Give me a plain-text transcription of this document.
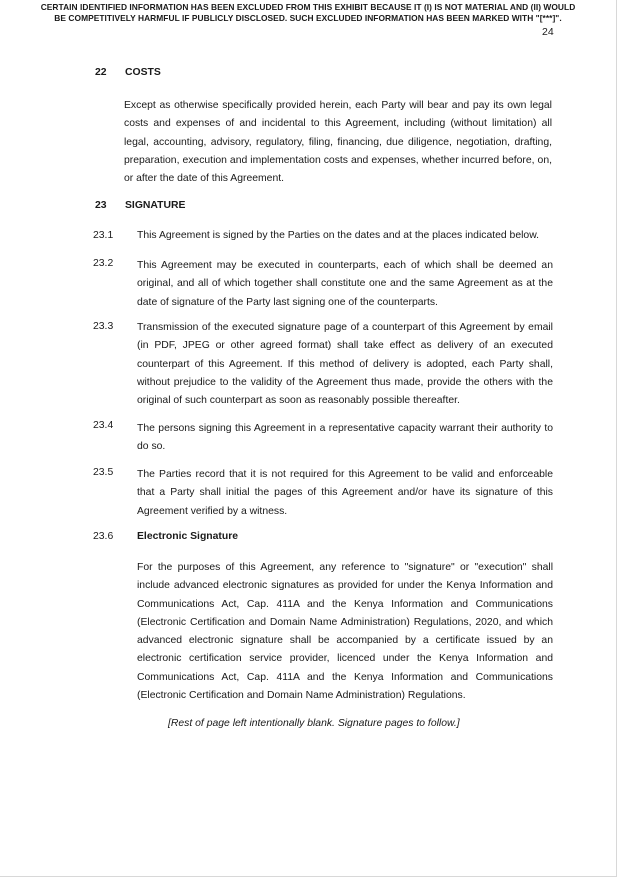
CERTAIN IDENTIFIED INFORMATION HAS BEEN EXCLUDED FROM THIS EXHIBIT BECAUSE IT (I) IS NOT MATERIAL AND (II) WOULD
BE COMPETITIVELY HARMFUL IF PUBLICLY DISCLOSED. SUCH EXCLUDED INFORMATION HAS BEEN MARKED WITH "[***]".
24
22 COSTS
Except as otherwise specifically provided herein, each Party will bear and pay its own legal costs and expenses of and incidental to this Agreement, including (without limitation) all legal, accounting, advisory, regulatory, filing, financing, due diligence, negotiation, drafting, preparation, execution and implementation costs and expenses, whether incurred before, on, or after the date of this Agreement.
23 SIGNATURE
23.1 This Agreement is signed by the Parties on the dates and at the places indicated below.
23.2 This Agreement may be executed in counterparts, each of which shall be deemed an original, and all of which together shall constitute one and the same Agreement as at the date of signature of the Party last signing one of the counterparts.
23.3 Transmission of the executed signature page of a counterpart of this Agreement by email (in PDF, JPEG or other agreed format) shall take effect as delivery of an executed counterpart of this Agreement. If this method of delivery is adopted, each Party shall, without prejudice to the validity of the Agreement thus made, provide the others with the original of such counterpart as soon as reasonably possible thereafter.
23.4 The persons signing this Agreement in a representative capacity warrant their authority to do so.
23.5 The Parties record that it is not required for this Agreement to be valid and enforceable that a Party shall initial the pages of this Agreement and/or have its signature of this Agreement verified by a witness.
23.6 Electronic Signature
For the purposes of this Agreement, any reference to "signature" or "execution" shall include advanced electronic signatures as provided for under the Kenya Information and Communications Act, Cap. 411A and the Kenya Information and Communications (Electronic Certification and Domain Name Administration) Regulations, 2020, and which advanced electronic signature shall be accompanied by a certificate issued by an electronic certification service provider, licenced under the Kenya Information and Communications Act, Cap. 411A and the Kenya Information and Communications (Electronic Certification and Domain Name Administration) Regulations.
[Rest of page left intentionally blank. Signature pages to follow.]
